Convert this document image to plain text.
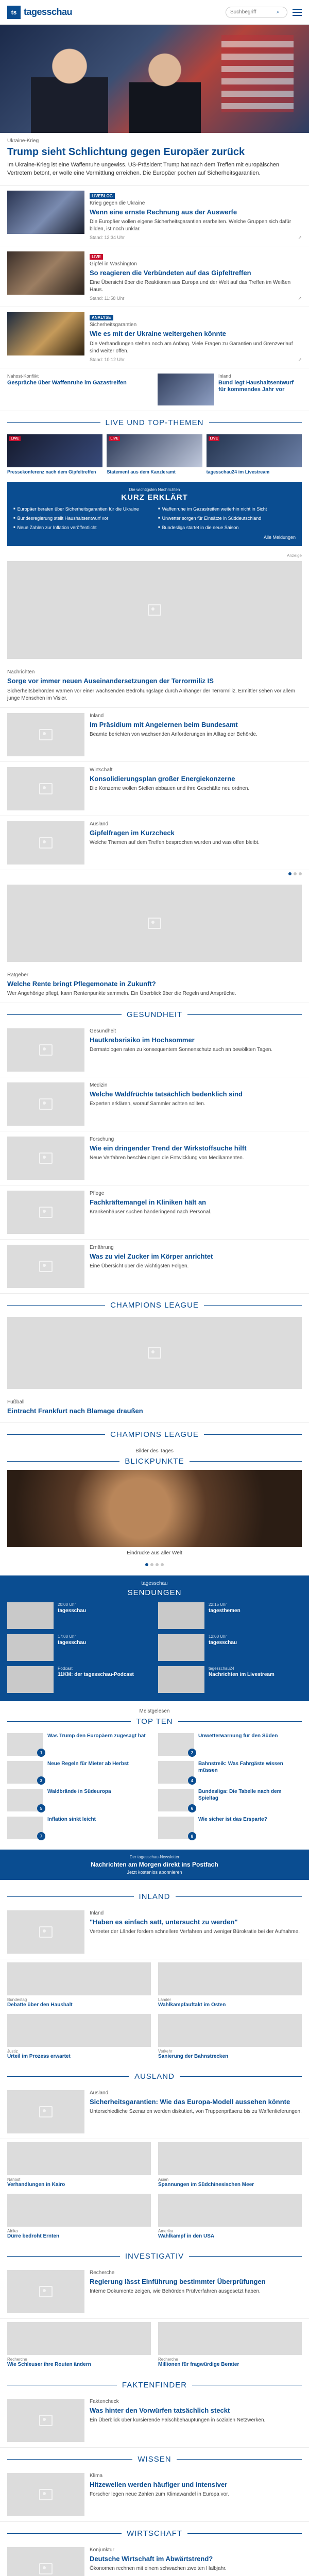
ts tagesschau
Suchbegriff	⌕
Ukraine-Krieg
Trump sieht Schlichtung gegen Europäer zurück
Im Ukraine-Krieg ist eine Waffenruhe ungewiss. US-Präsident Trump hat nach dem Treffen mit europäischen Vertretern betont, er wolle eine Vermittlung erreichen. Die Europäer pochen auf Sicherheitsgarantien.
LIVEBLOG
Krieg gegen die Ukraine
Wenn eine ernste Rechnung aus der Auswerfe
Die Europäer wollen eigene Sicherheitsgarantien erarbeiten. Welche Gruppen sich dafür bilden, ist noch unklar.
Stand: 12:34 Uhr	↗
LIVE
Gipfel in Washington
So reagieren die Verbündeten auf das Gipfeltreffen
Eine Übersicht über die Reaktionen aus Europa und der Welt auf das Treffen im Weißen Haus.
Stand: 11:58 Uhr	↗
ANALYSE
Sicherheitsgarantien
Wie es mit der Ukraine weitergehen könnte
Die Verhandlungen stehen noch am Anfang. Viele Fragen zu Garantien und Grenzverlauf sind weiter offen.
Stand: 10:12 Uhr	↗
Nahost-Konflikt
Gespräche über Waffenruhe im Gazastreifen
Inland
Bund legt Haushaltsentwurf für kommendes Jahr vor
LIVE UND TOP-THEMEN
LIVE
Pressekonferenz nach dem Gipfeltreffen
LIVE
Statement aus dem Kanzleramt
LIVE
tagesschau24 im Livestream
Die wichtigsten Nachrichten
KURZ ERKLÄRT
■ Europäer beraten über Sicherheitsgarantien für die Ukraine	■ Waffenruhe im Gazastreifen weiterhin nicht in Sicht
■ Bundesregierung stellt Haushaltsentwurf vor	■ Unwetter sorgen für Einsätze in Süddeutschland
■ Neue Zahlen zur Inflation veröffentlicht	■ Bundesliga startet in die neue Saison
Alle Meldungen
Anzeige
Nachrichten
Sorge vor immer neuen Auseinandersetzungen der Terrormiliz IS
Sicherheitsbehörden warnen vor einer wachsenden Bedrohungslage durch Anhänger der Terrormiliz. Ermittler sehen vor allem junge Menschen im Visier.
Inland
Im Präsidium mit Angelernen beim Bundesamt
Beamte berichten von wachsenden Anforderungen im Alltag der Behörde.
Wirtschaft
Konsolidierungsplan großer Energiekonzerne
Die Konzerne wollen Stellen abbauen und ihre Geschäfte neu ordnen.
Ausland
Gipfelfragen im Kurzcheck
Welche Themen auf dem Treffen besprochen wurden und was offen bleibt.
Ratgeber
Welche Rente bringt Pflegemonate in Zukunft?
Wer Angehörige pflegt, kann Rentenpunkte sammeln. Ein Überblick über die Regeln und Ansprüche.
GESUNDHEIT
Gesundheit
Hautkrebsrisiko im Hochsommer
Dermatologen raten zu konsequentem Sonnenschutz auch an bewölkten Tagen.
Medizin
Welche Waldfrüchte tatsächlich bedenklich sind
Experten erklären, worauf Sammler achten sollten.
Forschung
Wie ein dringender Trend der Wirkstoffsuche hilft
Neue Verfahren beschleunigen die Entwicklung von Medikamenten.
Pflege
Fachkräftemangel in Kliniken hält an
Krankenhäuser suchen händeringend nach Personal.
Ernährung
Was zu viel Zucker im Körper anrichtet
Eine Übersicht über die wichtigsten Folgen.
CHAMPIONS LEAGUE
Fußball
Eintracht Frankfurt nach Blamage draußen
CHAMPIONS LEAGUE
Bilder des Tages
BLICKPUNKTE
Eindrücke aus aller Welt
tagesschau
SENDUNGEN
20:00 Uhr
tagesschau
22:15 Uhr
tagesthemen
17:00 Uhr
tagesschau
12:00 Uhr
tagesschau
Podcast
11KM: der tagesschau-Podcast
tagesschau24
Nachrichten im Livestream
Meistgelesen
TOP TEN
1
Was Trump den Europäern zugesagt hat
2
Unwetterwarnung für den Süden
3
Neue Regeln für Mieter ab Herbst
4
Bahnstreik: Was Fahrgäste wissen müssen
5
Waldbrände in Südeuropa
6
Bundesliga: Die Tabelle nach dem Spieltag
7
Inflation sinkt leicht
8
Wie sicher ist das Ersparte?
Der tagesschau-Newsletter
Nachrichten am Morgen direkt ins Postfach
Jetzt kostenlos abonnieren
INLAND
Inland
"Haben es einfach satt, untersucht zu werden"
Vertreter der Länder fordern schnellere Verfahren und weniger Bürokratie bei der Aufnahme.
Bundestag
Debatte über den Haushalt
Länder
Wahlkampfauftakt im Osten
Justiz
Urteil im Prozess erwartet
Verkehr
Sanierung der Bahnstrecken
AUSLAND
Ausland
Sicherheitsgarantien: Wie das Europa-Modell aussehen könnte
Unterschiedliche Szenarien werden diskutiert, von Truppenpräsenz bis zu Waffenlieferungen.
Nahost
Verhandlungen in Kairo
Asien
Spannungen im Südchinesischen Meer
Afrika
Dürre bedroht Ernten
Amerika
Wahlkampf in den USA
INVESTIGATIV
Recherche
Regierung lässt Einführung bestimmter Überprüfungen
Interne Dokumente zeigen, wie Behörden Prüfverfahren ausgesetzt haben.
Recherche
Wie Schleuser ihre Routen ändern
Recherche
Millionen für fragwürdige Berater
FAKTENFINDER
Faktencheck
Was hinter den Vorwürfen tatsächlich steckt
Ein Überblick über kursierende Falschbehauptungen in sozialen Netzwerken.
WISSEN
Klima
Hitzewellen werden häufiger und intensiver
Forscher legen neue Zahlen zum Klimawandel in Europa vor.
WIRTSCHAFT
Konjunktur
Deutsche Wirtschaft im Abwärtstrend?
Ökonomen rechnen mit einem schwachen zweiten Halbjahr.
